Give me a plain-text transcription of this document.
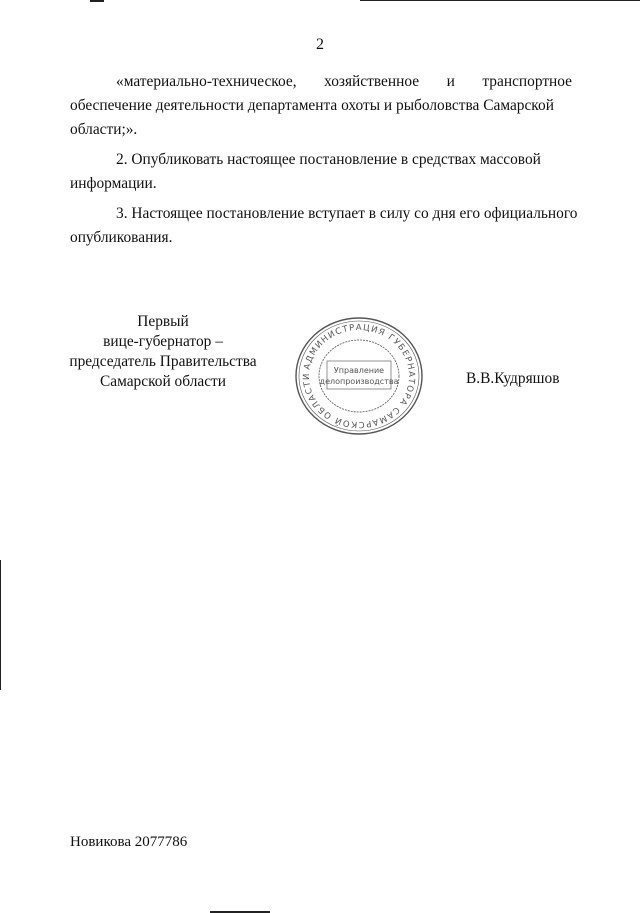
2
«материально-техническое, хозяйственное и транспортное
обеспечение деятельности департамента охоты и рыболовства Самарской
области;».
2. Опубликовать настоящее постановление в средствах массовой
информации.
3. Настоящее постановление вступает в силу со дня его официального
опубликования.
Первый
вице-губернатор –
председатель Правительства
Самарской области
АДМИНИСТРАЦИЯ ГУБЕРНАТОРА САМАРСКОЙ ОБЛАСТИ
Управление
делопроизводства	В.В.Кудряшов
Новикова 2077786
